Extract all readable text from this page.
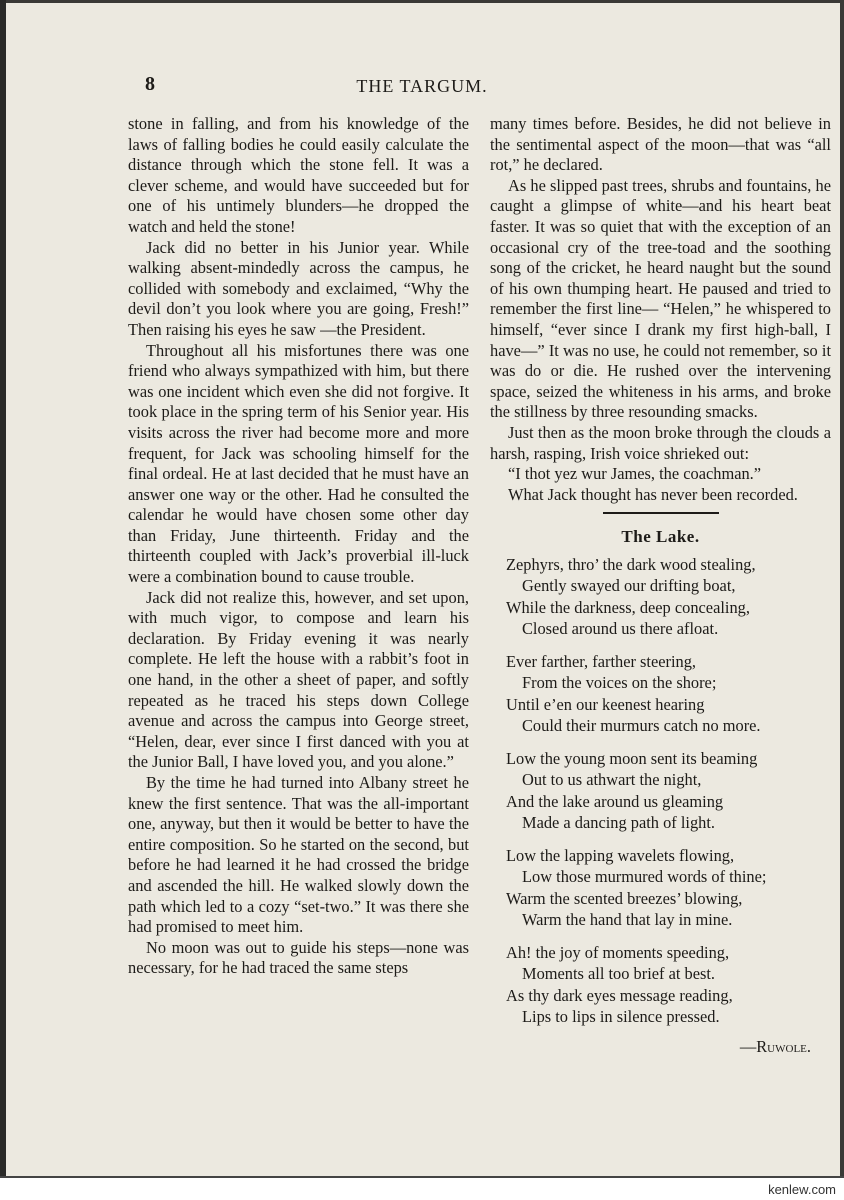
8	THE TARGUM.

stone in falling, and from his knowledge of the laws of falling bodies he could easily calculate the distance through which the stone fell. It was a clever scheme, and would have succeeded but for one of his untimely blunders—he dropped the watch and held the stone!

Jack did no better in his Junior year. While walking absent-mindedly across the campus, he collided with somebody and exclaimed, “Why the devil don’t you look where you are going, Fresh!” Then raising his eyes he saw —the President.

Throughout all his misfortunes there was one friend who always sympathized with him, but there was one incident which even she did not forgive. It took place in the spring term of his Senior year. His visits across the river had become more and more frequent, for Jack was schooling himself for the final ordeal. He at last decided that he must have an answer one way or the other. Had he consulted the calendar he would have chosen some other day than Friday, June thirteenth. Friday and the thirteenth coupled with Jack’s proverbial ill-luck were a combination bound to cause trouble.

Jack did not realize this, however, and set upon, with much vigor, to compose and learn his declaration. By Friday evening it was nearly complete. He left the house with a rabbit’s foot in one hand, in the other a sheet of paper, and softly repeated as he traced his steps down College avenue and across the campus into George street, “Helen, dear, ever since I first danced with you at the Junior Ball, I have loved you, and you alone.”

By the time he had turned into Albany street he knew the first sentence. That was the all-important one, anyway, but then it would be better to have the entire composition. So he started on the second, but before he had learned it he had crossed the bridge and ascended the hill. He walked slowly down the path which led to a cozy “set-two.” It was there she had promised to meet him.

No moon was out to guide his steps—none was necessary, for he had traced the same steps

many times before. Besides, he did not believe in the sentimental aspect of the moon—that was “all rot,” he declared.

As he slipped past trees, shrubs and fountains, he caught a glimpse of white—and his heart beat faster. It was so quiet that with the exception of an occasional cry of the tree-toad and the soothing song of the cricket, he heard naught but the sound of his own thumping heart. He paused and tried to remember the first line— “Helen,” he whispered to himself, “ever since I drank my first high-ball, I have—” It was no use, he could not remember, so it was do or die. He rushed over the intervening space, seized the whiteness in his arms, and broke the stillness by three resounding smacks.

Just then as the moon broke through the clouds a harsh, rasping, Irish voice shrieked out:

“I thot yez wur James, the coachman.”

What Jack thought has never been recorded.

The Lake.
Zephyrs, thro’ the dark wood stealing,
Gently swayed our drifting boat,
While the darkness, deep concealing,
Closed around us there afloat.
Ever farther, farther steering,
From the voices on the shore;
Until e’en our keenest hearing
Could their murmurs catch no more.
Low the young moon sent its beaming
Out to us athwart the night,
And the lake around us gleaming
Made a dancing path of light.
Low the lapping wavelets flowing,
Low those murmured words of thine;
Warm the scented breezes’ blowing,
Warm the hand that lay in mine.
Ah! the joy of moments speeding,
Moments all too brief at best.
As thy dark eyes message reading,
Lips to lips in silence pressed.
—Ruwole.
kenlew.com
